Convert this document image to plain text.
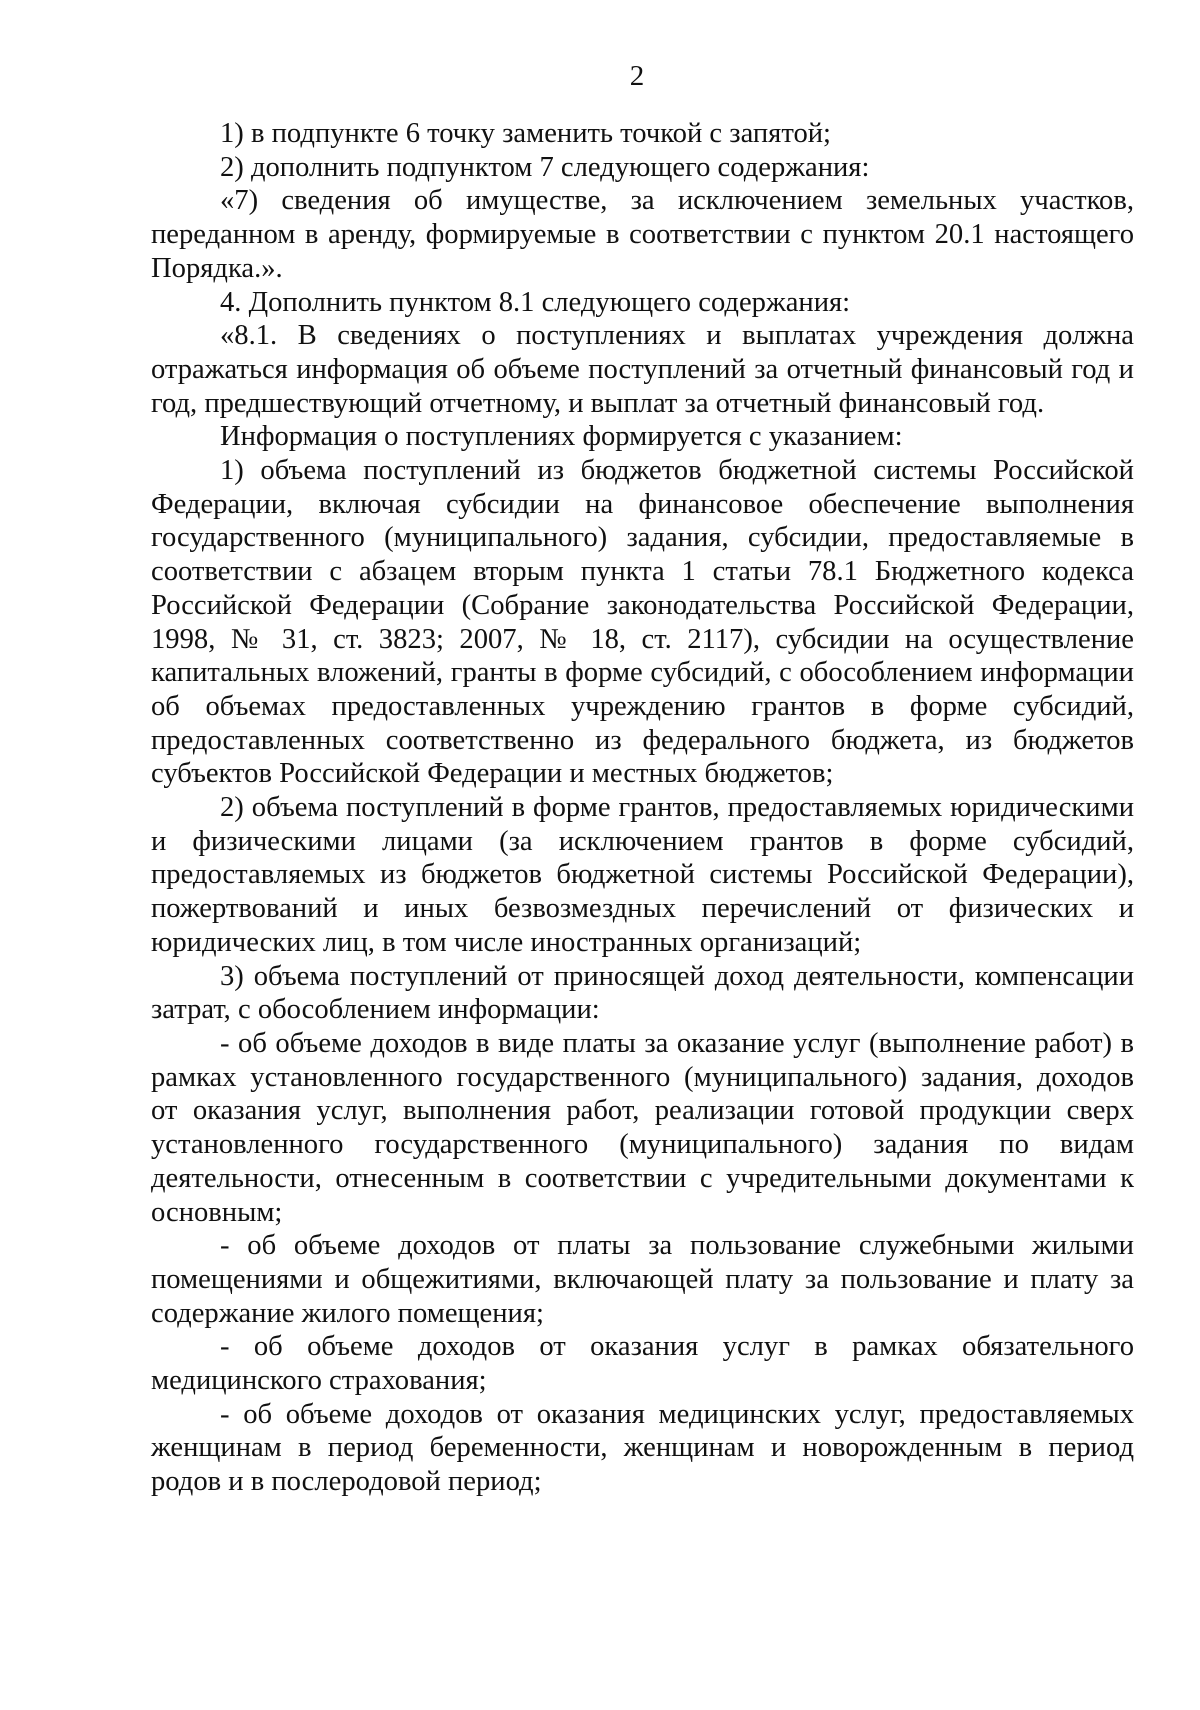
2

1) в подпункте 6 точку заменить точкой с запятой;

2) дополнить подпунктом 7 следующего содержания:

«7) сведения об имуществе, за исключением земельных участков, переданном в аренду, формируемые в соответствии с пунктом 20.1 настоящего Порядка.».

4. Дополнить пунктом 8.1 следующего содержания:

«8.1. В сведениях о поступлениях и выплатах учреждения должна отражаться информация об объеме поступлений за отчетный финансовый год и год, предшествующий отчетному, и выплат за отчетный финансовый год.

Информация о поступлениях формируется с указанием:

1) объема поступлений из бюджетов бюджетной системы Российской Федерации, включая субсидии на финансовое обеспечение выполнения государственного (муниципального) задания, субсидии, предоставляемые в соответствии с абзацем вторым пункта 1 статьи 78.1 Бюджетного кодекса Российской Федерации (Собрание законодательства Российской Федерации, 1998, № 31, ст. 3823; 2007, № 18, ст. 2117), субсидии на осуществление капитальных вложений, гранты в форме субсидий, с обособлением информации об объемах предоставленных учреждению грантов в форме субсидий, предоставленных соответственно из федерального бюджета, из бюджетов субъектов Российской Федерации и местных бюджетов;

2) объема поступлений в форме грантов, предоставляемых юридическими и физическими лицами (за исключением грантов в форме субсидий, предоставляемых из бюджетов бюджетной системы Российской Федерации), пожертвований и иных безвозмездных перечислений от физических и юридических лиц, в том числе иностранных организаций;

3) объема поступлений от приносящей доход деятельности, компенсации затрат, с обособлением информации:

- об объеме доходов в виде платы за оказание услуг (выполнение работ) в рамках установленного государственного (муниципального) задания, доходов от оказания услуг, выполнения работ, реализации готовой продукции сверх установленного государственного (муниципального) задания по видам деятельности, отнесенным в соответствии с учредительными документами к основным;

- об объеме доходов от платы за пользование служебными жилыми помещениями и общежитиями, включающей плату за пользование и плату за содержание жилого помещения;

- об объеме доходов от оказания услуг в рамках обязательного медицинского страхования;

- об объеме доходов от оказания медицинских услуг, предоставляемых женщинам в период беременности, женщинам и новорожденным в период родов и в послеродовой период;
